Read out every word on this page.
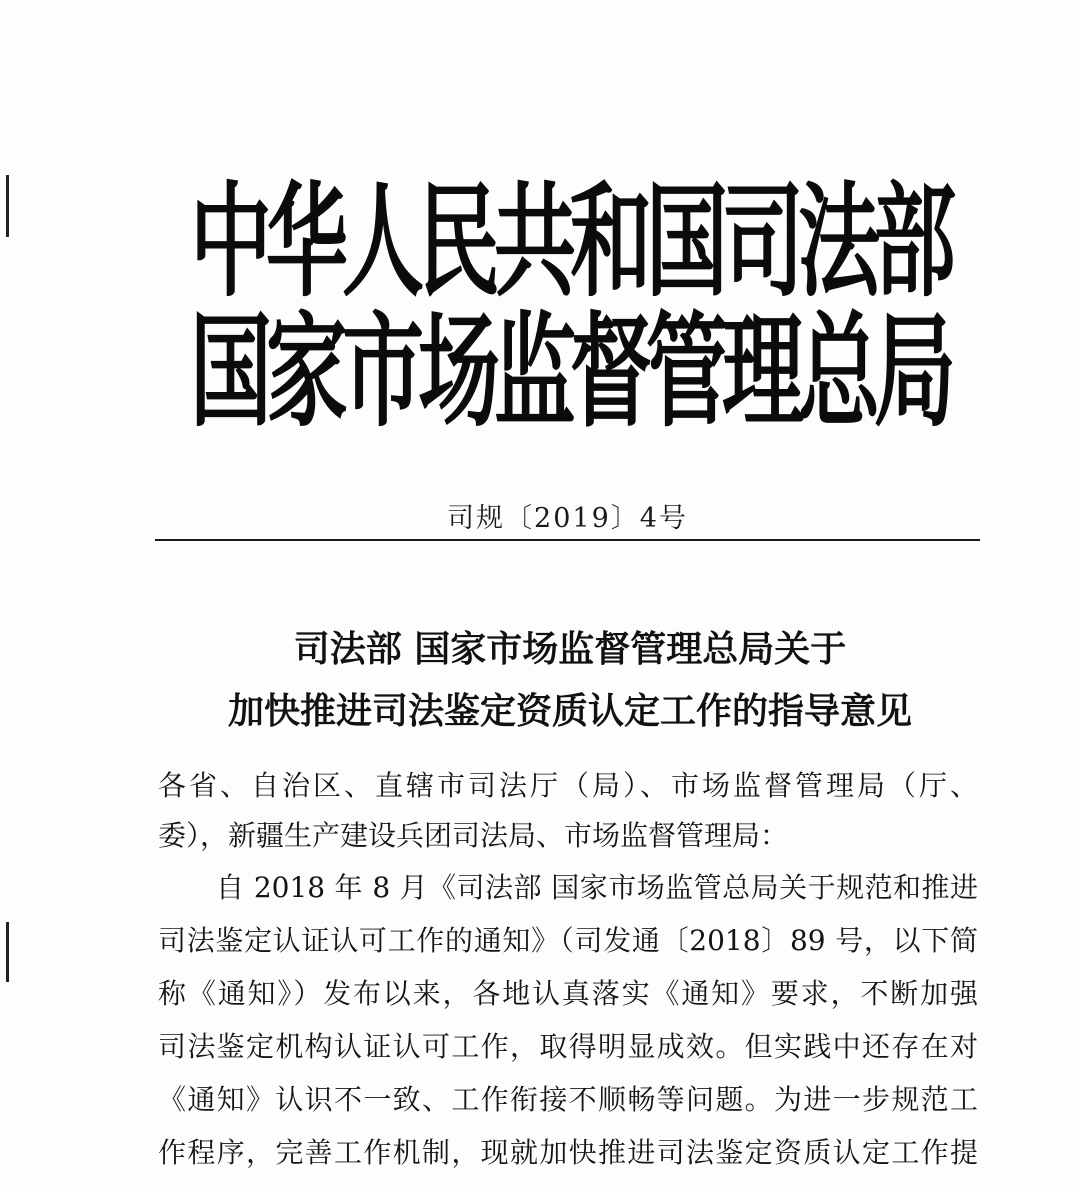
中华人民共和国司法部
国家市场监督管理总局
司规〔2019〕4号
司法部 国家市场监督管理总局关于
加快推进司法鉴定资质认定工作的指导意见
各省、自治区、直辖市司法厅（局）、市场监督管理局（厅、
委），新疆生产建设兵团司法局、市场监督管理局：
自 2018 年 8 月《司法部 国家市场监管总局关于规范和推进
司法鉴定认证认可工作的通知》（司发通〔2018〕89 号，以下简
称《通知》）发布以来，各地认真落实《通知》要求，不断加强
司法鉴定机构认证认可工作，取得明显成效。但实践中还存在对
《通知》认识不一致、工作衔接不顺畅等问题。为进一步规范工
作程序，完善工作机制，现就加快推进司法鉴定资质认定工作提
